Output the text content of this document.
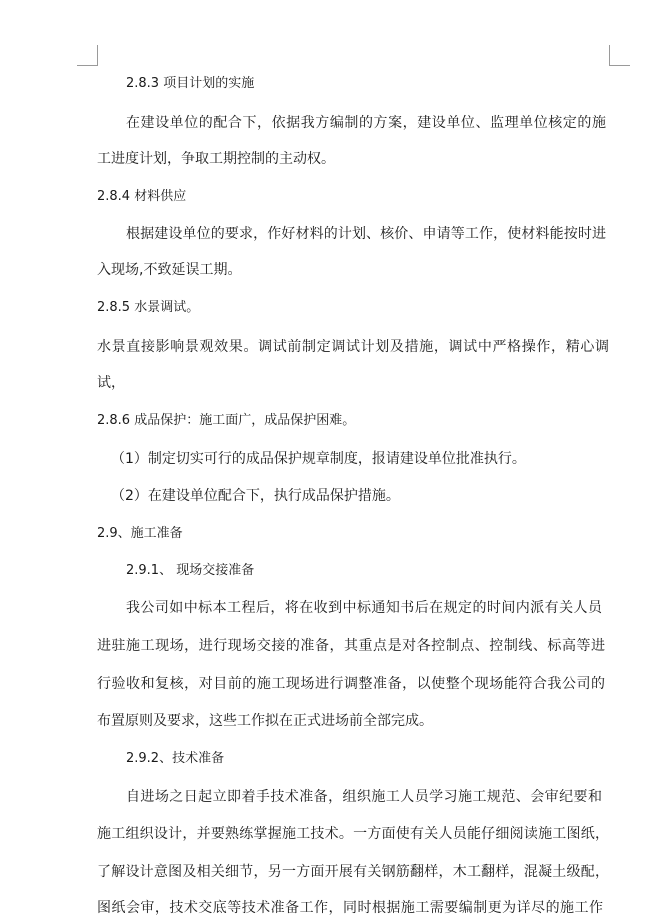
2.8.3 项目计划的实施
在建设单位的配合下，依据我方编制的方案，建设单位、监理单位核定的施
工进度计划，争取工期控制的主动权。
2.8.4 材料供应
根据建设单位的要求，作好材料的计划、核价、申请等工作，使材料能按时进
入现场,不致延误工期。
2.8.5 水景调试。
水景直接影响景观效果。调试前制定调试计划及措施，调试中严格操作，精心调
试，
2.8.6 成品保护：施工面广，成品保护困难。
（1）制定切实可行的成品保护规章制度，报请建设单位批准执行。
（2）在建设单位配合下，执行成品保护措施。
2.9、施工准备
2.9.1、 现场交接准备
我公司如中标本工程后，将在收到中标通知书后在规定的时间内派有关人员
进驻施工现场，进行现场交接的准备，其重点是对各控制点、控制线、标高等进
行验收和复核，对目前的施工现场进行调整准备，以使整个现场能符合我公司的
布置原则及要求，这些工作拟在正式进场前全部完成。
2.9.2、技术准备
自进场之日起立即着手技术准备，组织施工人员学习施工规范、会审纪要和
施工组织设计，并要熟练掌握施工技术。一方面使有关人员能仔细阅读施工图纸，
了解设计意图及相关细节，另一方面开展有关钢筋翻样，木工翻样，混凝土级配，
图纸会审，技术交底等技术准备工作，同时根据施工需要编制更为详尽的施工作
